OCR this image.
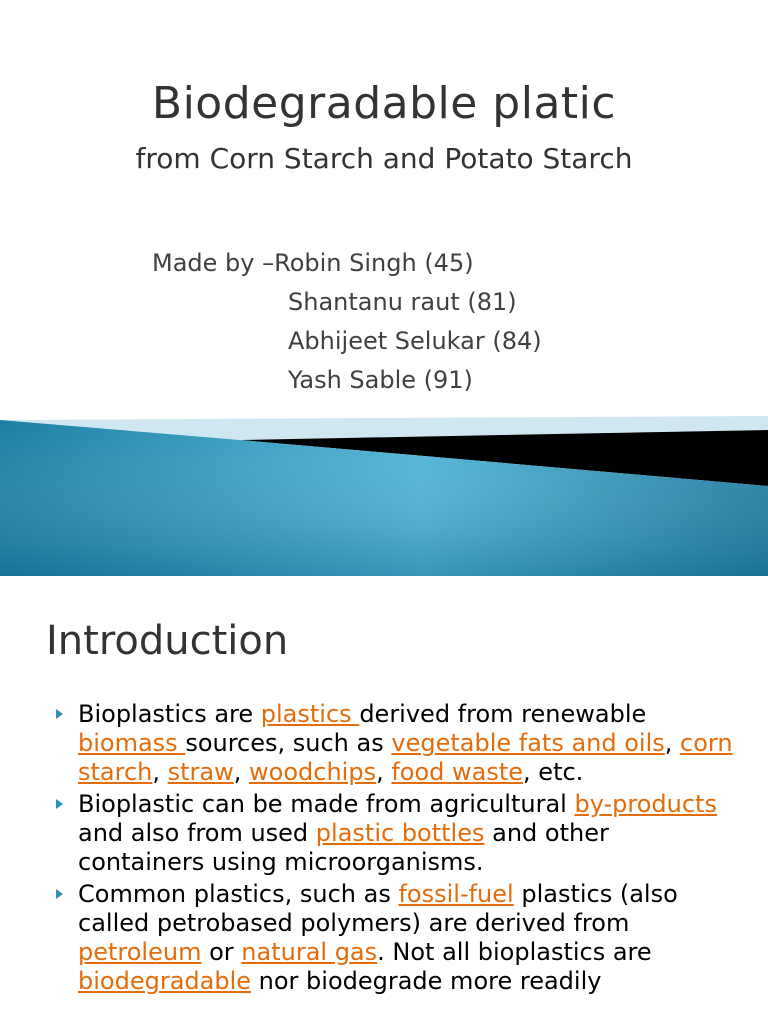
Biodegradable platic
from Corn Starch and Potato Starch
Made by –Robin Singh (45)
Shantanu raut (81)
Abhijeet Selukar (84)
Yash Sable (91)
Introduction
Bioplastics are plastics derived from renewable biomass sources, such as vegetable fats and oils, corn starch, straw, woodchips, food waste, etc.
Bioplastic can be made from agricultural by-products and also from used plastic bottles and other containers using microorganisms.
Common plastics, such as fossil-fuel plastics (also called petrobased polymers) are derived from petroleum or natural gas. Not all bioplastics are biodegradable nor biodegrade more readily
